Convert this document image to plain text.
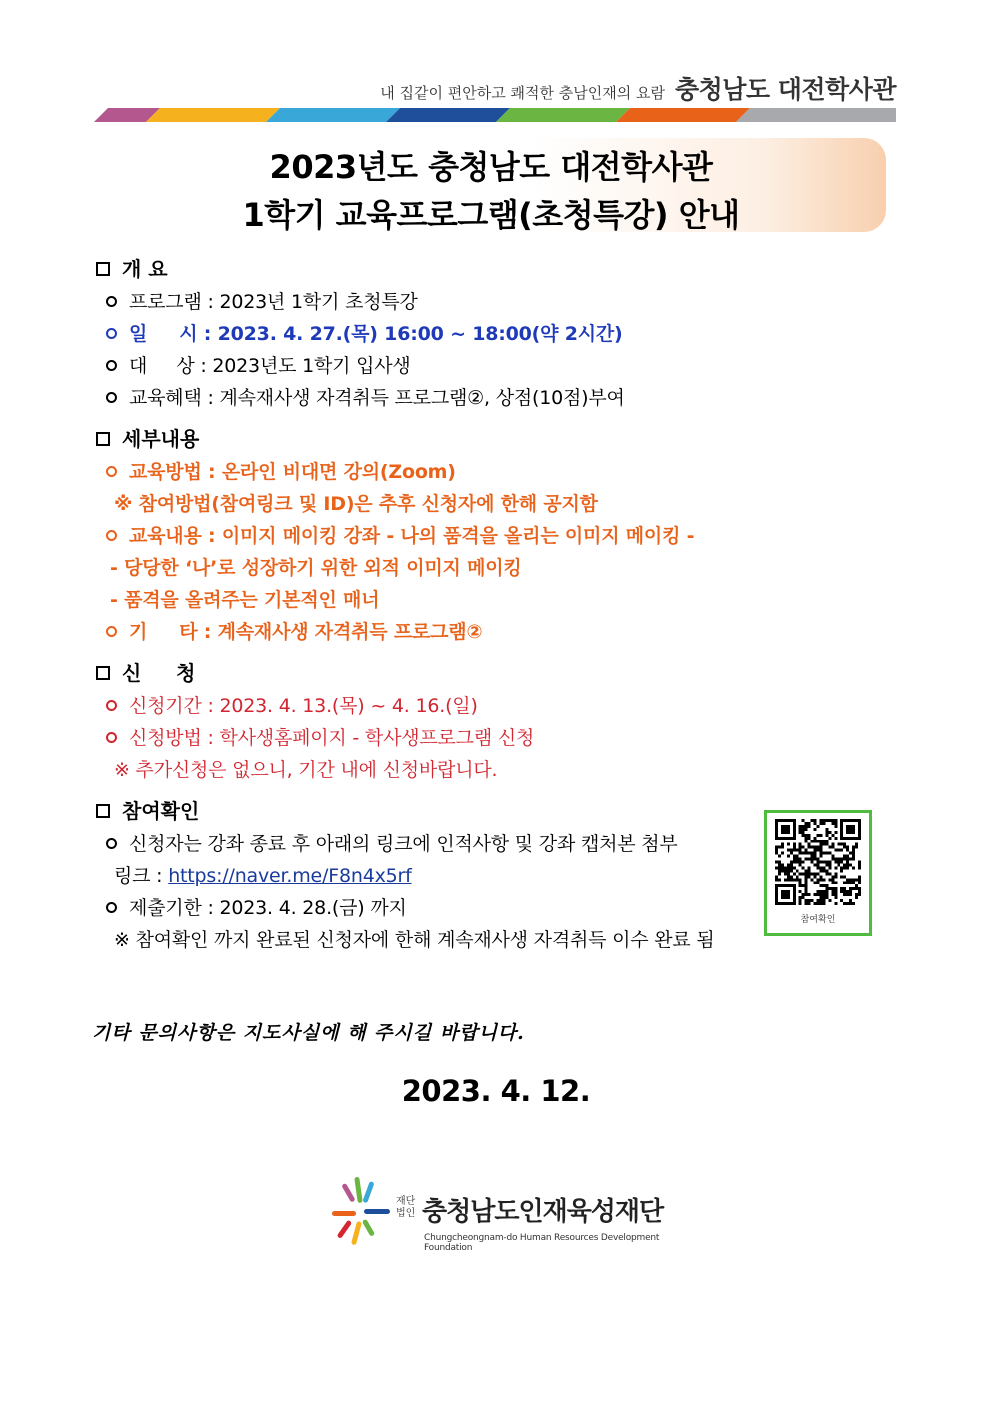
내 집같이 편안하고 쾌적한 충남인재의 요람 충청남도 대전학사관
2023년도 충청남도 대전학사관
1학기 교육프로그램(초청특강) 안내
개 요
프로그램 : 2023년 1학기 초청특강
일     시 : 2023. 4. 27.(목) 16:00 ~ 18:00(약 2시간)
대     상 : 2023년도 1학기 입사생
교육혜택 : 계속재사생 자격취득 프로그램②, 상점(10점)부여
세부내용
교육방법 : 온라인 비대면 강의(Zoom)
※ 참여방법(참여링크 및 ID)은 추후 신청자에 한해 공지함
교육내용 : 이미지 메이킹 강좌 - 나의 품격을 올리는 이미지 메이킹 -
- 당당한 ‘나’로 성장하기 위한 외적 이미지 메이킹
- 품격을 올려주는 기본적인 매너
기     타 : 계속재사생 자격취득 프로그램②
신     청
신청기간 : 2023. 4. 13.(목) ~ 4. 16.(일)
신청방법 : 학사생홈페이지 - 학사생프로그램 신청
※ 추가신청은 없으니, 기간 내에 신청바랍니다.
참여확인
신청자는 강좌 종료 후 아래의 링크에 인적사항 및 강좌 캡처본 첨부
링크 : https://naver.me/F8n4x5rf
제출기한 : 2023. 4. 28.(금) 까지
※ 참여확인 까지 완료된 신청자에 한해 계속재사생 자격취득 이수 완료 됨
참여확인
기타 문의사항은 지도사실에 해 주시길 바랍니다.
2023. 4. 12.
재단
법인 충청남도인재육성재단
Chungcheongnam-do Human Resources Development Foundation
